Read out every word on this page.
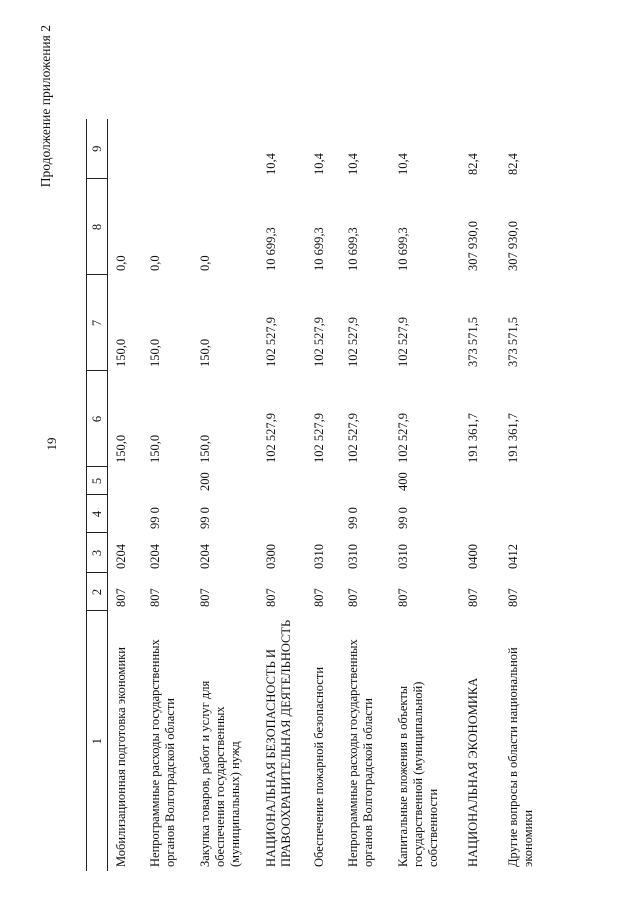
19
Продолжение приложения 2
1	2	3	4	5	6	7	8	9
Мобилизационная подготовка экономики	807	0204			150,0	150,0	0,0	
Непрограммные расходы государственных органов Волгоградской области	807	0204	99 0		150,0	150,0	0,0	
Закупка товаров, работ и услуг для обеспечения государственных (муниципальных) нужд	807	0204	99 0	200	150,0	150,0	0,0	
НАЦИОНАЛЬНАЯ БЕЗОПАСНОСТЬ И ПРАВООХРАНИТЕЛЬНАЯ ДЕЯТЕЛЬНОСТЬ	807	0300			102 527,9	102 527,9	10 699,3	10,4
Обеспечение пожарной безопасности	807	0310			102 527,9	102 527,9	10 699,3	10,4
Непрограммные расходы государственных органов Волгоградской области	807	0310	99 0		102 527,9	102 527,9	10 699,3	10,4
Капитальные вложения в объекты государственной (муниципальной) собственности	807	0310	99 0	400	102 527,9	102 527,9	10 699,3	10,4
НАЦИОНАЛЬНАЯ ЭКОНОМИКА	807	0400			191 361,7	373 571,5	307 930,0	82,4
Другие вопросы в области национальной экономики	807	0412			191 361,7	373 571,5	307 930,0	82,4
